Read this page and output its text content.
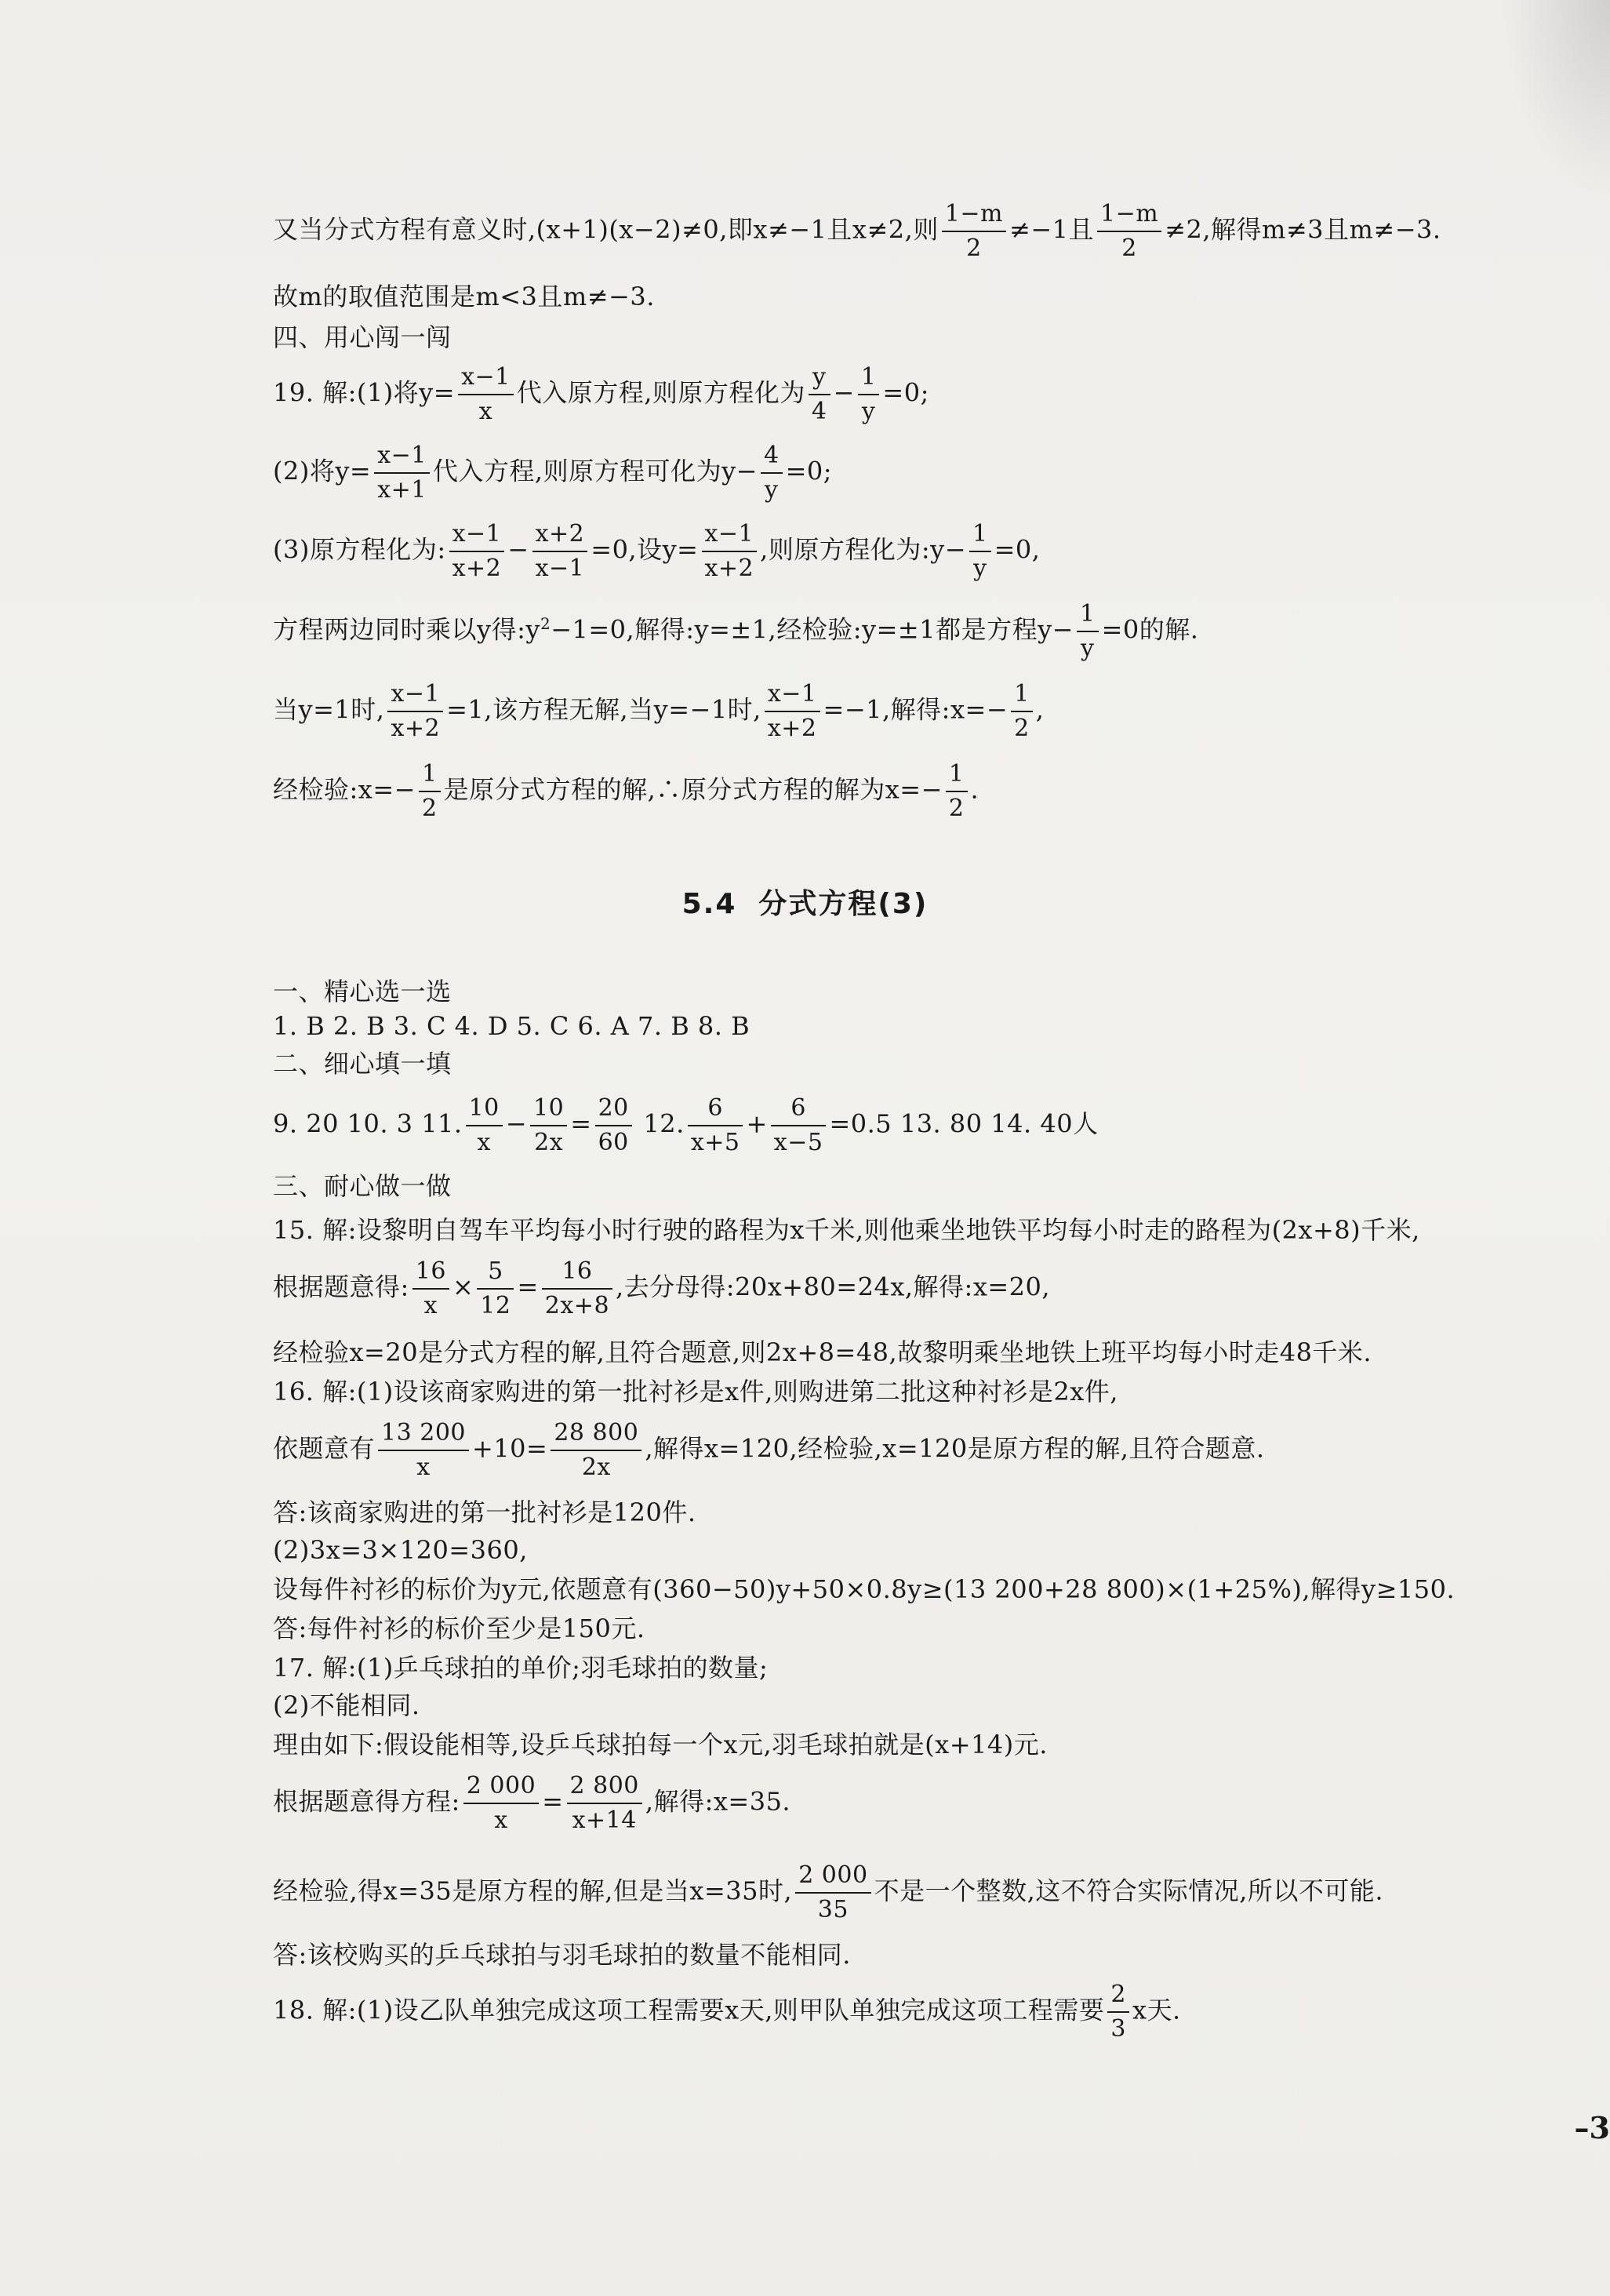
又当分式方程有意义时,(x+1)(x−2)≠0,即x≠−1且x≠2,则 $\frac{1-m}{2} \ne-1$且 $\frac{1-m}{2} \ne 2$,解得m≠3且m≠−3.
故m的取值范围是m<3且m≠−3.
四、用心闯一闯
19. 解:(1)将$y= \frac{x-1}{x}$ 代入原方程,则原方程化为 $\frac{y}{4} - \frac{1}{y} =0$;
(2)将$y= \frac{x-1}{x+1}$ 代入方程,则原方程可化为$y- \frac{4}{y} =0$;
(3)原方程化为: $\frac{x-1}{x+2} - \frac{x+2}{x-1} =0$,设$y= \frac{x-1}{x+2}$ ,则原方程化为:y− $\frac{1}{y} =0$,
方程两边同时乘以y得$:y^2-1=0$,解得:y=±1,经检验:y=±1都是方程$y- \frac{1}{y} =0$的解.
当y=1时, $\frac{x-1}{x+2} =1$,该方程无解,当y=−1时, $\frac{x-1}{x+2} =-1$,解得:x=− $\frac{1}{2}$ ,
经检验:x=− $\frac{1}{2}$ 是原分式方程的解,∴原分式方程的解为$x=- \frac{1}{2}$ .
5.4 分式方程(3)
一、精心选一选
1. B 2. B 3. C 4. D 5. C 6. A 7. B 8. B
二、细心填一填
9. 20 10. 3 11. $\frac{10}{x} - \frac{10}{2x} = \frac{20}{60} 12$. $\frac{6}{x+5} + \frac{6}{x-5} =0.5$ 13. 80 14. 40人
三、耐心做一做
15. 解:设黎明自驾车平均每小时行驶的路程为x千米,则他乘坐地铁平均每小时走的路程为(2x+8)千米,
根据题意得: $\frac{16}{x} \times \frac{5}{12} = \frac{16}{2x+8}$ ,去分母得:20x+80=24x,解得:x=20,
经检验x=20是分式方程的解,且符合题意,则2x+8=48,故黎明乘坐地铁上班平均每小时走48千米.
16. 解:(1)设该商家购进的第一批衬衫是x件,则购进第二批这种衬衫是2x件,
依题意有 $\frac{13 200}{x} +10= \frac{28 800}{2x}$ ,解得x=120,经检验,x=120是原方程的解,且符合题意.
答:该商家购进的第一批衬衫是120件.
(2)3x=3×120=360,
设每件衬衫的标价为y元,依题意有(360−50)y+50×0.8y≥(13 200+28 800)×(1+25%),解得y≥150.
答:每件衬衫的标价至少是150元.
17. 解:(1)乒乓球拍的单价;羽毛球拍的数量;
(2)不能相同.
理由如下:假设能相等,设乒乓球拍每一个x元,羽毛球拍就是(x+14)元.
根据题意得方程: $\frac{2 000}{x} = \frac{2 800}{x+14}$ ,解得:x=35.
经检验,得x=35是原方程的解,但是当x=35时, $\frac{2 000}{35}$ 不是一个整数,这不符合实际情况,所以不可能.
答:该校购买的乒乓球拍与羽毛球拍的数量不能相同.
18. 解:(1)设乙队单独完成这项工程需要x天,则甲队单独完成这项工程需要 $\frac{2}{3}$ x天.
–3
